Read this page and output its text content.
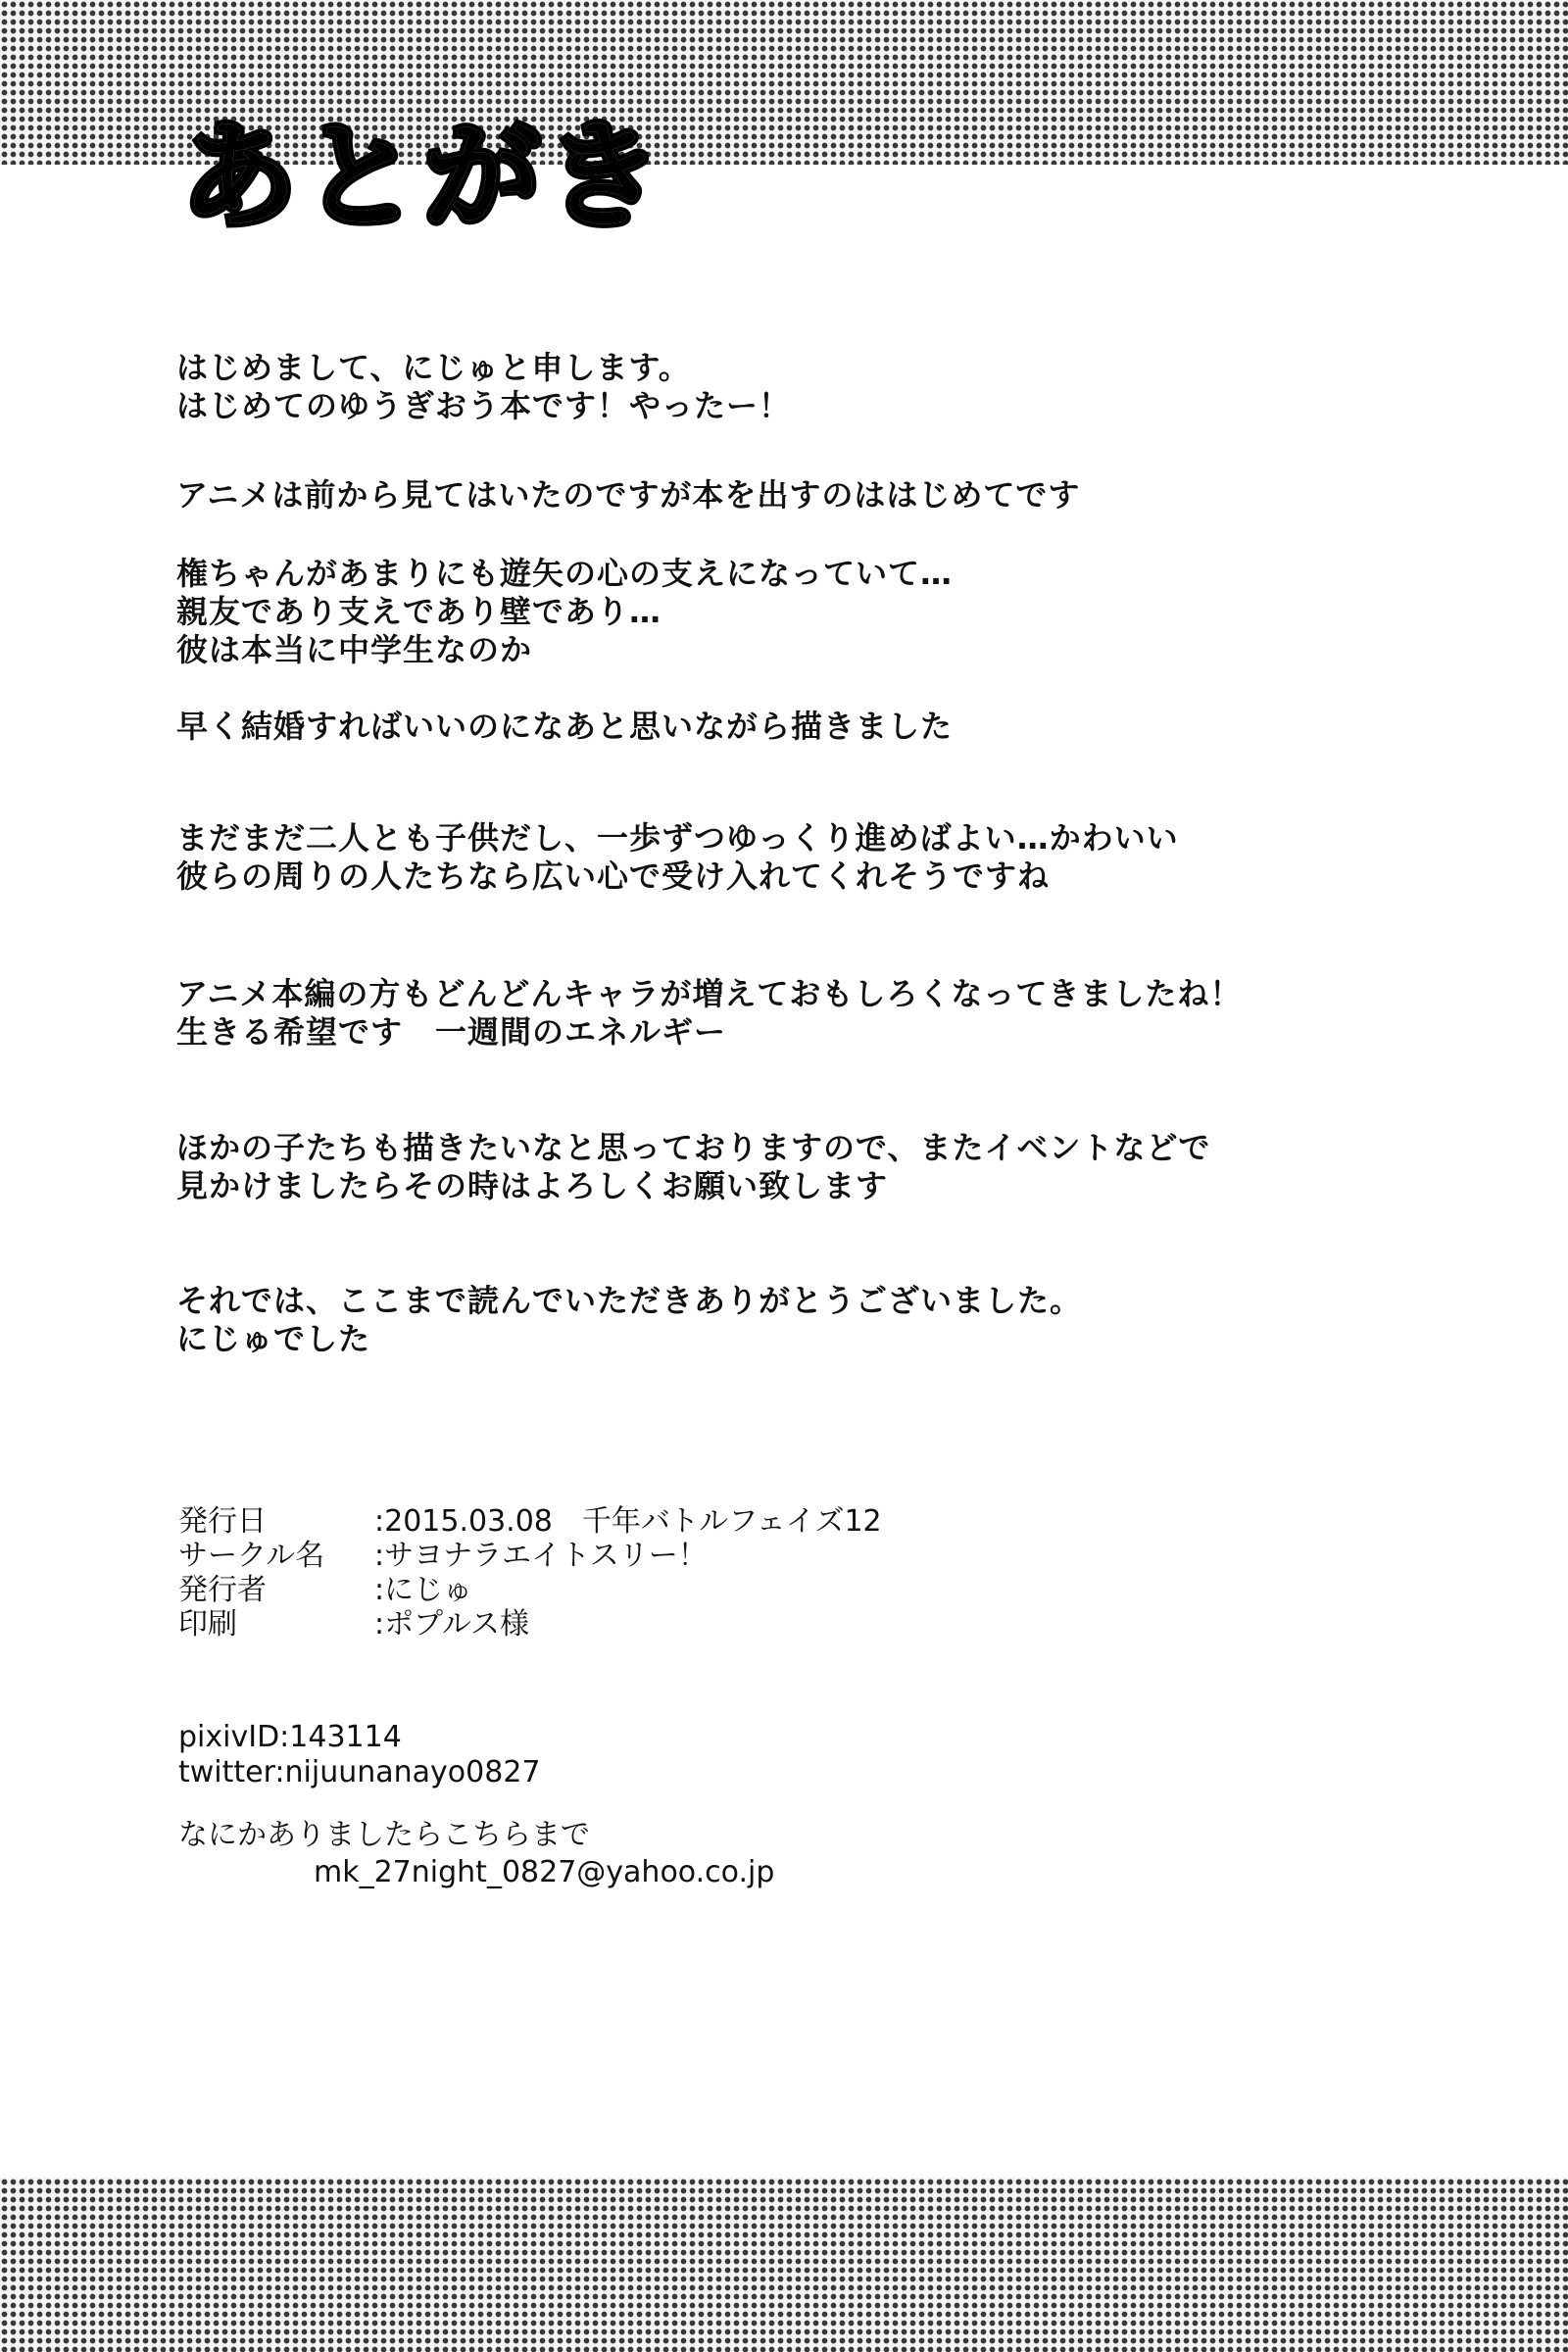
あとがき
はじめまして、にじゅと申します。
はじめてのゆうぎおう本です！やったー！
アニメは前から見てはいたのですが本を出すのははじめてです
権ちゃんがあまりにも遊矢の心の支えになっていて…
親友であり支えであり壁であり…
彼は本当に中学生なのか
早く結婚すればいいのになあと思いながら描きました
まだまだ二人とも子供だし、一歩ずつゆっくり進めばよい…かわいい
彼らの周りの人たちなら広い心で受け入れてくれそうですね
アニメ本編の方もどんどんキャラが増えておもしろくなってきましたね！
生きる希望です　一週間のエネルギー
ほかの子たちも描きたいなと思っておりますので、またイベントなどで
見かけましたらその時はよろしくお願い致します
それでは、ここまで読んでいただきありがとうございました。
にじゅでした
発行日	:2015.03.08　千年バトルフェイズ12
サークル名	:サヨナラエイトスリー！
発行者	:にじゅ
印刷	:ポプルス様
pixivID:143114
twitter:nijuunanayo0827
なにかありましたらこちらまで
mk_27night_0827@yahoo.co.jp
